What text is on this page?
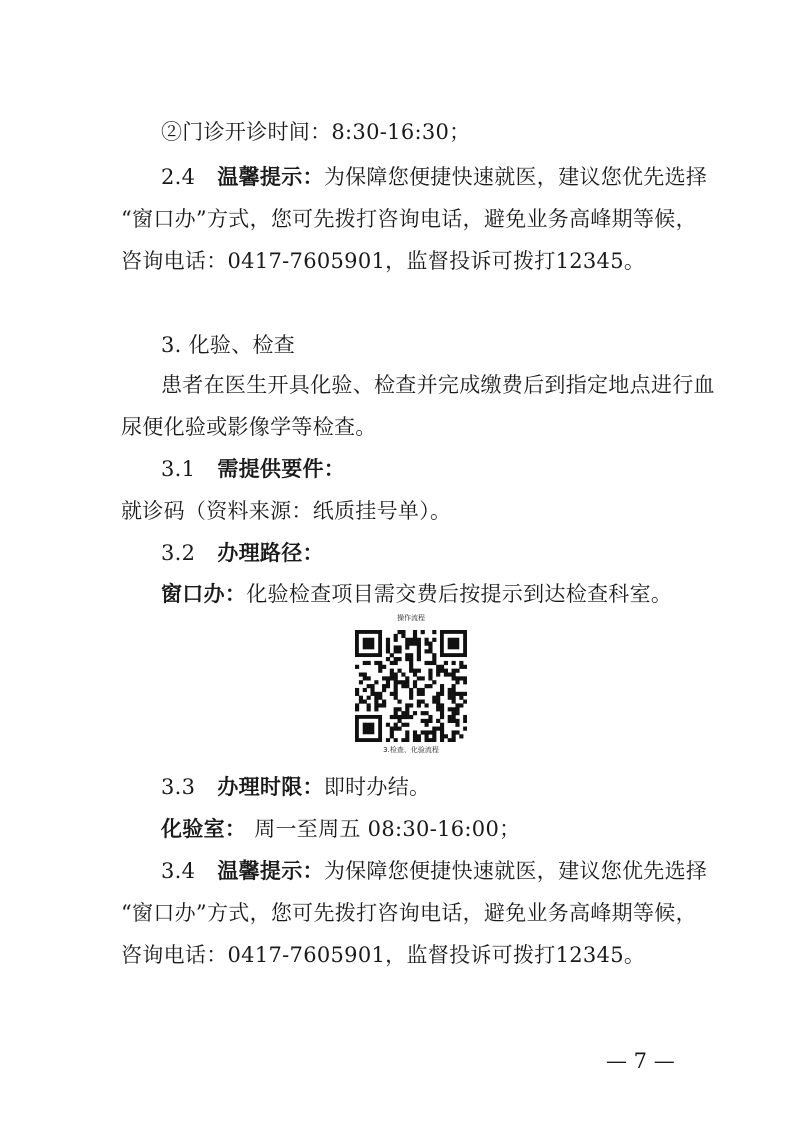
②门诊开诊时间：8:30-16:30；
2.4 温馨提示：为保障您便捷快速就医，建议您优先选择
“窗口办”方式，您可先拨打咨询电话，避免业务高峰期等候，
咨询电话：0417-7605901，监督投诉可拨打12345。
3. 化验、检查
患者在医生开具化验、检查并完成缴费后到指定地点进行血
尿便化验或影像学等检查。
3.1 需提供要件：
就诊码（资料来源：纸质挂号单）。
3.2 办理路径：
窗口办：化验检查项目需交费后按提示到达检查科室。
操作流程
3.检查、化验流程
3.3 办理时限：即时办结。
化验室： 周一至周五 08:30-16:00；
3.4 温馨提示：为保障您便捷快速就医，建议您优先选择
“窗口办”方式，您可先拨打咨询电话，避免业务高峰期等候，
咨询电话：0417-7605901，监督投诉可拨打12345。
— 7 —
